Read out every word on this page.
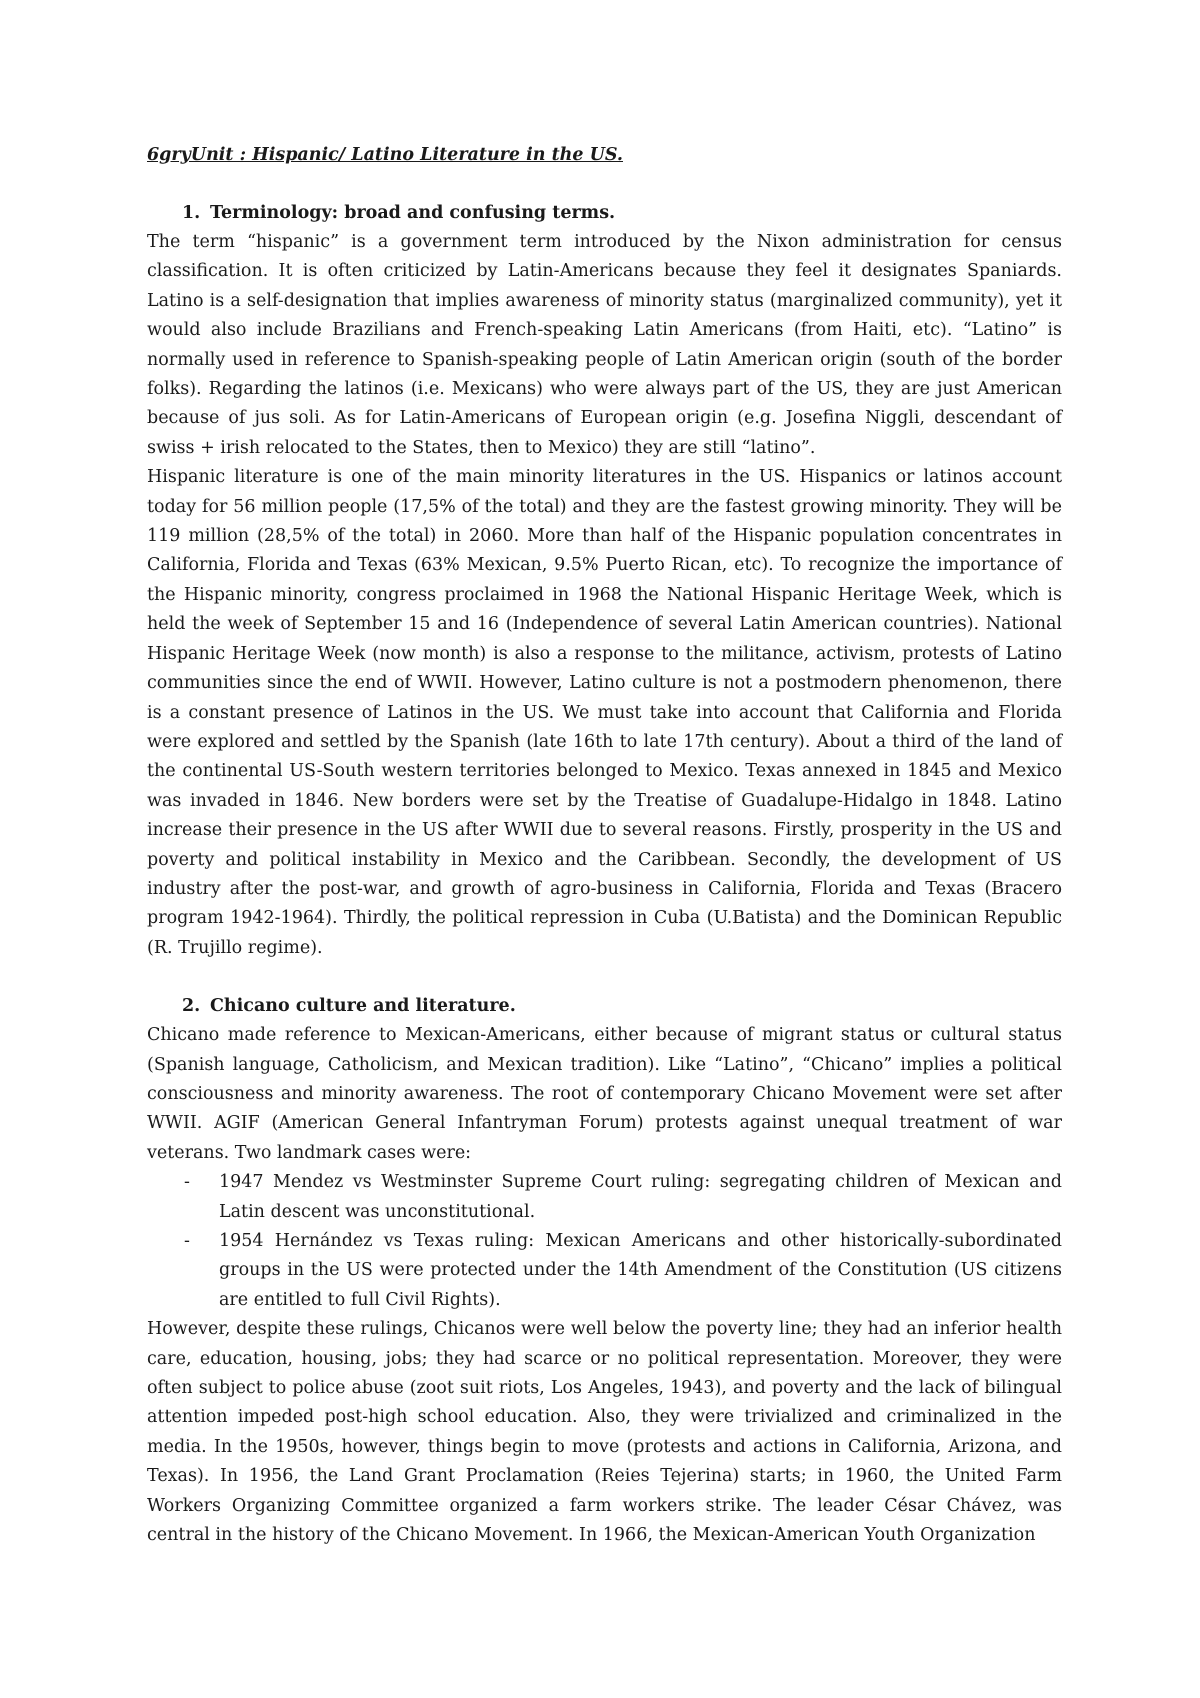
6gryUnit : Hispanic/ Latino Literature in the US.
1. Terminology: broad and confusing terms.

The term “hispanic” is a government term introduced by the Nixon administration for census classification. It is often criticized by Latin-Americans because they feel it designates Spaniards. Latino is a self-designation that implies awareness of minority status (marginalized community), yet it would also include Brazilians and French-speaking Latin Americans (from Haiti, etc). “Latino” is normally used in reference to Spanish-speaking people of Latin American origin (south of the border folks). Regarding the latinos (i.e. Mexicans) who were always part of the US, they are just American because of jus soli. As for Latin-Americans of European origin (e.g. Josefina Niggli, descendant of swiss + irish relocated to the States, then to Mexico) they are still “latino”.

Hispanic literature is one of the main minority literatures in the US. Hispanics or latinos account today for 56 million people (17,5% of the total) and they are the fastest growing minority. They will be 119 million (28,5% of the total) in 2060. More than half of the Hispanic population concentrates in California, Florida and Texas (63% Mexican, 9.5% Puerto Rican, etc). To recognize the importance of the Hispanic minority, congress proclaimed in 1968 the National Hispanic Heritage Week, which is held the week of September 15 and 16 (Independence of several Latin American countries). National Hispanic Heritage Week (now month) is also a response to the militance, activism, protests of Latino communities since the end of WWII. However, Latino culture is not a postmodern phenomenon, there is a constant presence of Latinos in the US. We must take into account that California and Florida were explored and settled by the Spanish (late 16th to late 17th century). About a third of the land of the continental US-South western territories belonged to Mexico. Texas annexed in 1845 and Mexico was invaded in 1846. New borders were set by the Treatise of Guadalupe-Hidalgo in 1848. Latino increase their presence in the US after WWII due to several reasons. Firstly, prosperity in the US and poverty and political instability in Mexico and the Caribbean. Secondly, the development of US industry after the post-war, and growth of agro-business in California, Florida and Texas (Bracero program 1942-1964). Thirdly, the political repression in Cuba (U.Batista) and the Dominican Republic (R. Trujillo regime).

2. Chicano culture and literature.

Chicano made reference to Mexican-Americans, either because of migrant status or cultural status (Spanish language, Catholicism, and Mexican tradition). Like “Latino”, “Chicano” implies a political consciousness and minority awareness. The root of contemporary Chicano Movement were set after WWII. AGIF (American General Infantryman Forum) protests against unequal treatment of war veterans. Two landmark cases were:

-	1947 Mendez vs Westminster Supreme Court ruling: segregating children of Mexican and Latin descent was unconstitutional.
-	1954 Hernández vs Texas ruling: Mexican Americans and other historically-subordinated groups in the US were protected under the 14th Amendment of the Constitution (US citizens are entitled to full Civil Rights).

However, despite these rulings, Chicanos were well below the poverty line; they had an inferior health care, education, housing, jobs; they had scarce or no political representation. Moreover, they were often subject to police abuse (zoot suit riots, Los Angeles, 1943), and poverty and the lack of bilingual attention impeded post-high school education. Also, they were trivialized and criminalized in the media. In the 1950s, however, things begin to move (protests and actions in California, Arizona, and Texas). In 1956, the Land Grant Proclamation (Reies Tejerina) starts; in 1960, the United Farm Workers Organizing Committee organized a farm workers strike. The leader César Chávez, was central in the history of the Chicano Movement. In 1966, the Mexican-American Youth Organization
